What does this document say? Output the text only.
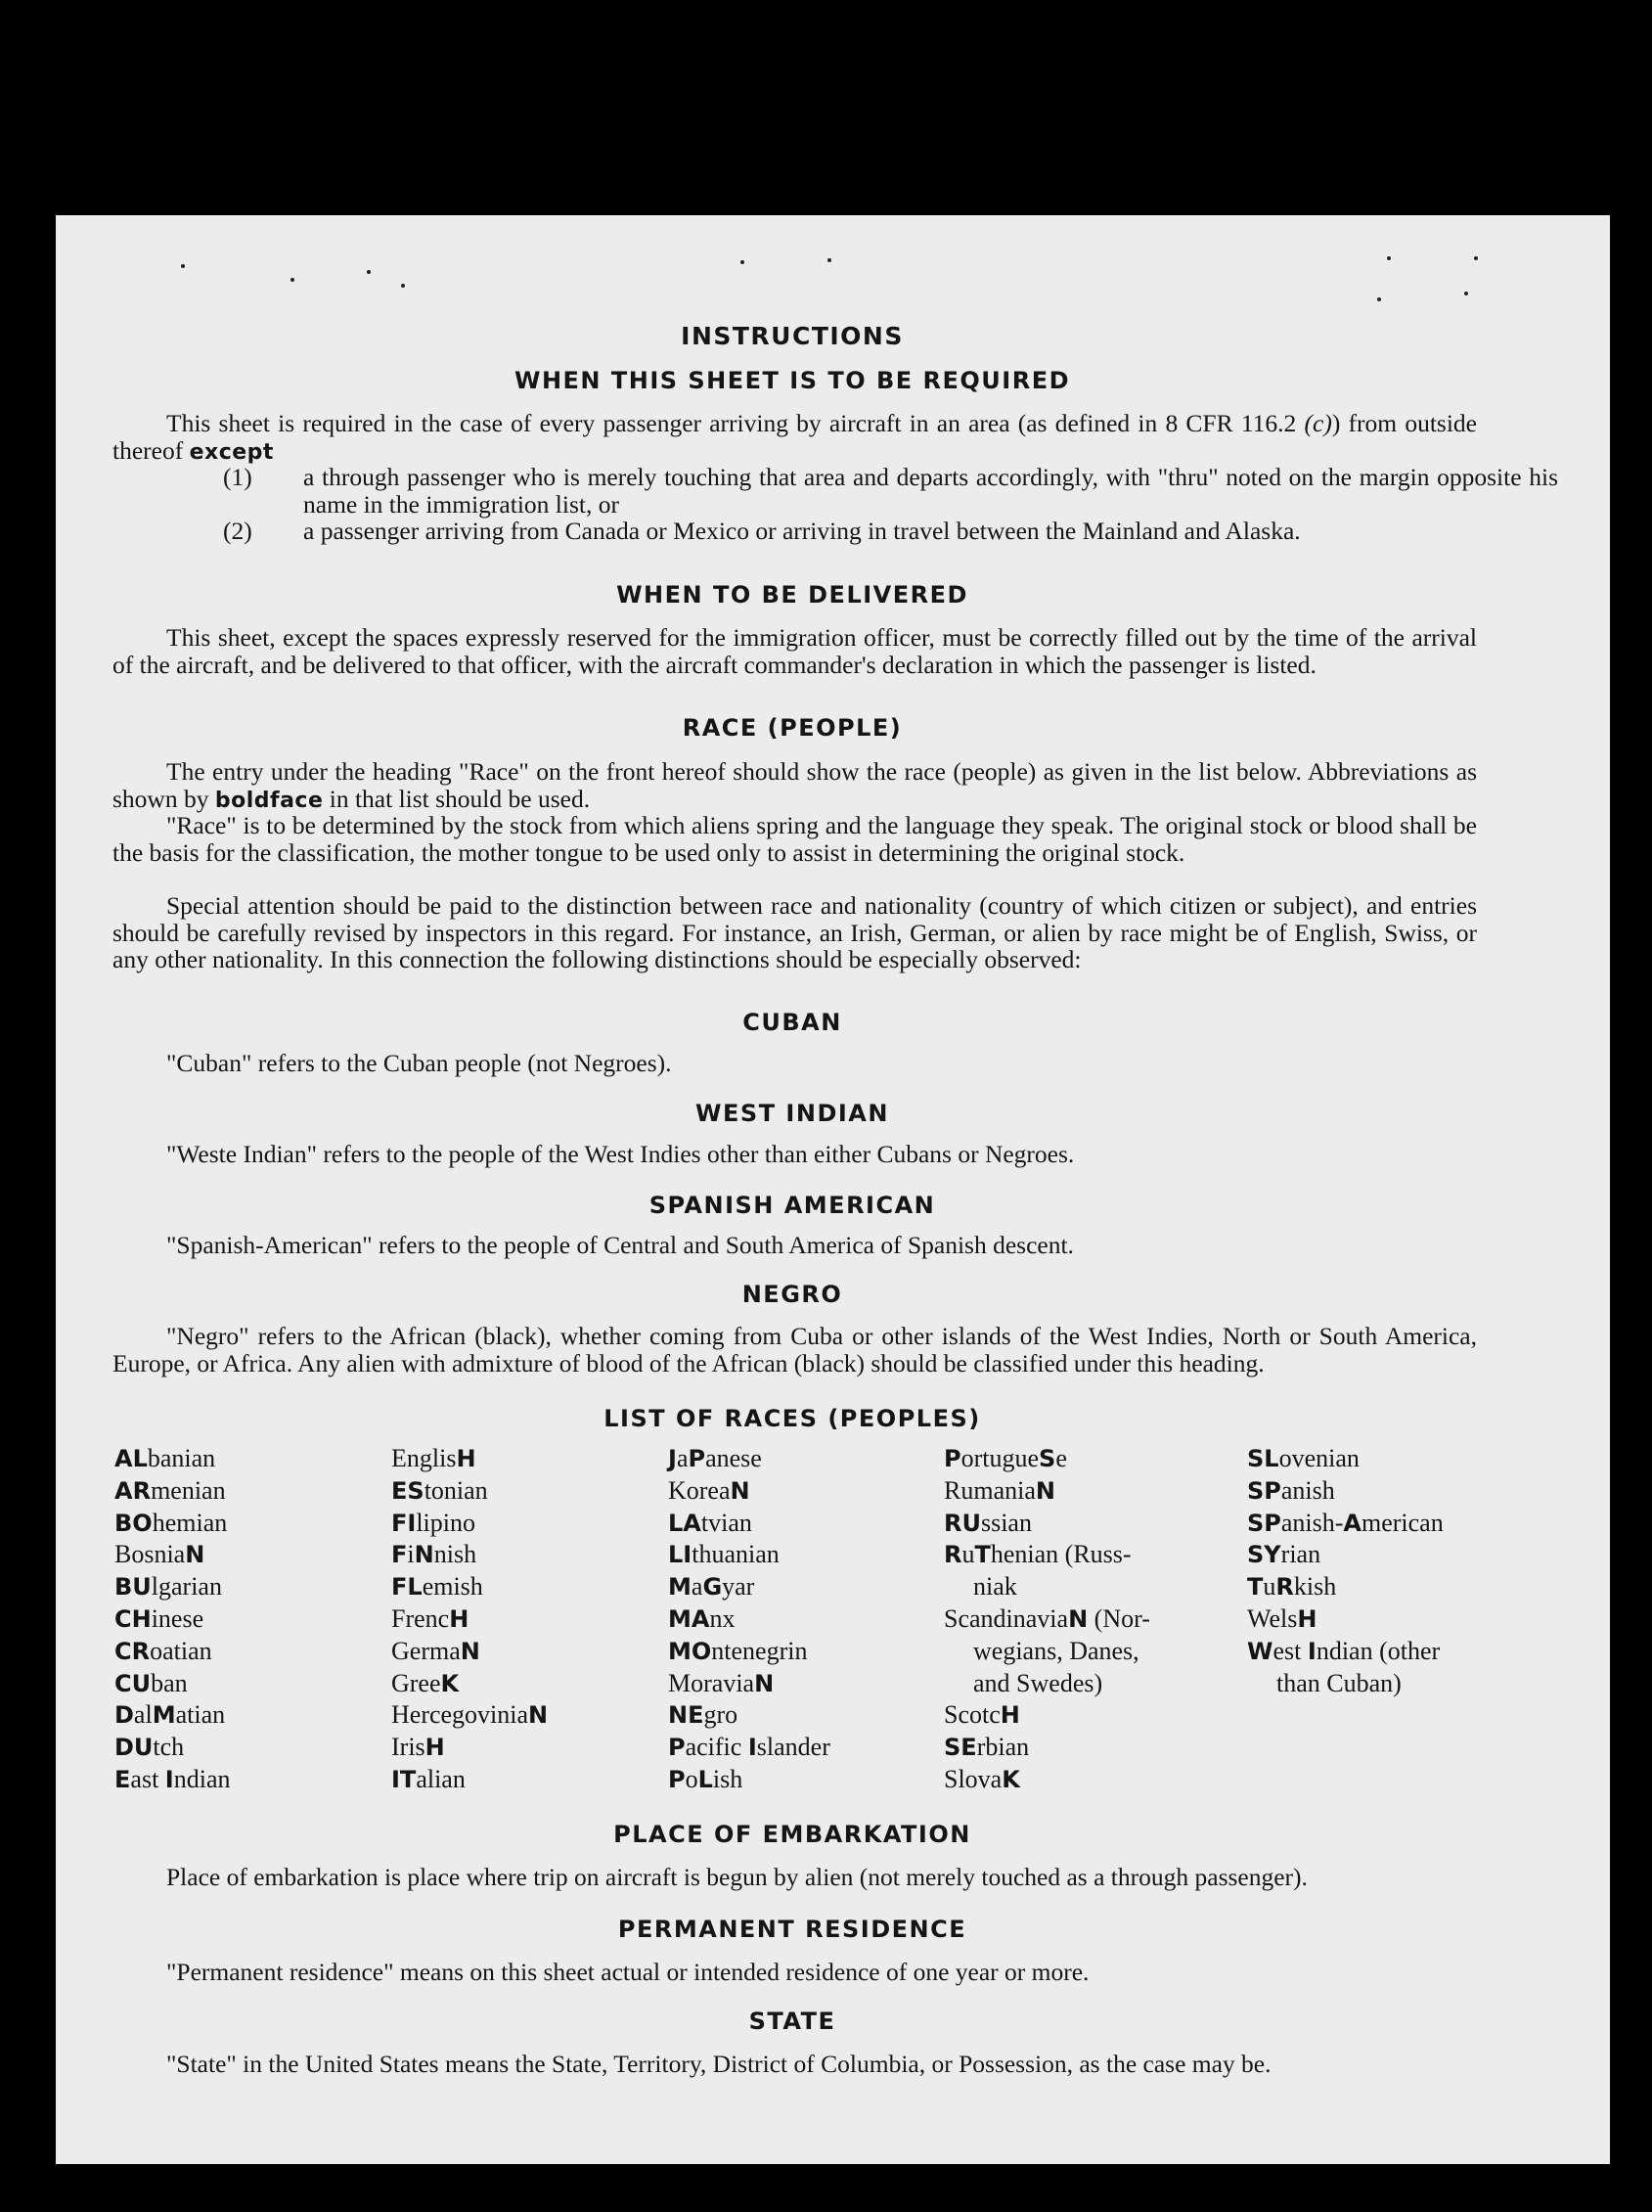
INSTRUCTIONS
WHEN THIS SHEET IS TO BE REQUIRED

This sheet is required in the case of every passenger arriving by aircraft in an area (as defined in 8 CFR 116.2 (c)) from outside thereof except

(1) a through passenger who is merely touching that area and departs accordingly, with "thru" noted on the margin opposite his name in the immigration list, or

(2) a passenger arriving from Canada or Mexico or arriving in travel between the Mainland and Alaska.

WHEN TO BE DELIVERED

This sheet, except the spaces expressly reserved for the immigration officer, must be correctly filled out by the time of the arrival of the aircraft, and be delivered to that officer, with the aircraft commander's declaration in which the passenger is listed.

RACE (PEOPLE)

The entry under the heading "Race" on the front hereof should show the race (people) as given in the list below. Abbreviations as shown by boldface in that list should be used.

"Race" is to be determined by the stock from which aliens spring and the language they speak. The original stock or blood shall be the basis for the classification, the mother tongue to be used only to assist in determining the original stock.

Special attention should be paid to the distinction between race and nationality (country of which citizen or subject), and entries should be carefully revised by inspectors in this regard. For instance, an Irish, German, or alien by race might be of English, Swiss, or any other nationality. In this connection the following distinctions should be especially observed:

CUBAN

"Cuban" refers to the Cuban people (not Negroes).

WEST INDIAN

"Weste Indian" refers to the people of the West Indies other than either Cubans or Negroes.

SPANISH AMERICAN

"Spanish-American" refers to the people of Central and South America of Spanish descent.

NEGRO

"Negro" refers to the African (black), whether coming from Cuba or other islands of the West Indies, North or South America, Europe, or Africa. Any alien with admixture of blood of the African (black) should be classified under this heading.

LIST OF RACES (PEOPLES)
ALbanian
ARmenian
BOhemian
BosniaN
BUlgarian
CHinese
CRoatian
CUban
DalMatian
DUtch
East Indian
EnglisH
EStonian
FIlipino
FiNnish
FLemish
FrencH
GermaN
GreeK
HercegoviniaN
IrisH
ITalian
JaPanese
KoreaN
LAtvian
LIthuanian
MaGyar
MAnx
MOntenegrin
MoraviaN
NEgro
Pacific Islander
PoLish
PortugueSe
RumaniaN
RUssian
RuThenian (Russ-
niak
ScandinaviaN (Nor-
wegians, Danes,
and Swedes)
ScotcH
SErbian
SlovaK
SLovenian
SPanish
SPanish-American
SYrian
TuRkish
WelsH
West Indian (other
than Cuban)
PLACE OF EMBARKATION

Place of embarkation is place where trip on aircraft is begun by alien (not merely touched as a through passenger).

PERMANENT RESIDENCE

"Permanent residence" means on this sheet actual or intended residence of one year or more.

STATE

"State" in the United States means the State, Territory, District of Columbia, or Possession, as the case may be.
